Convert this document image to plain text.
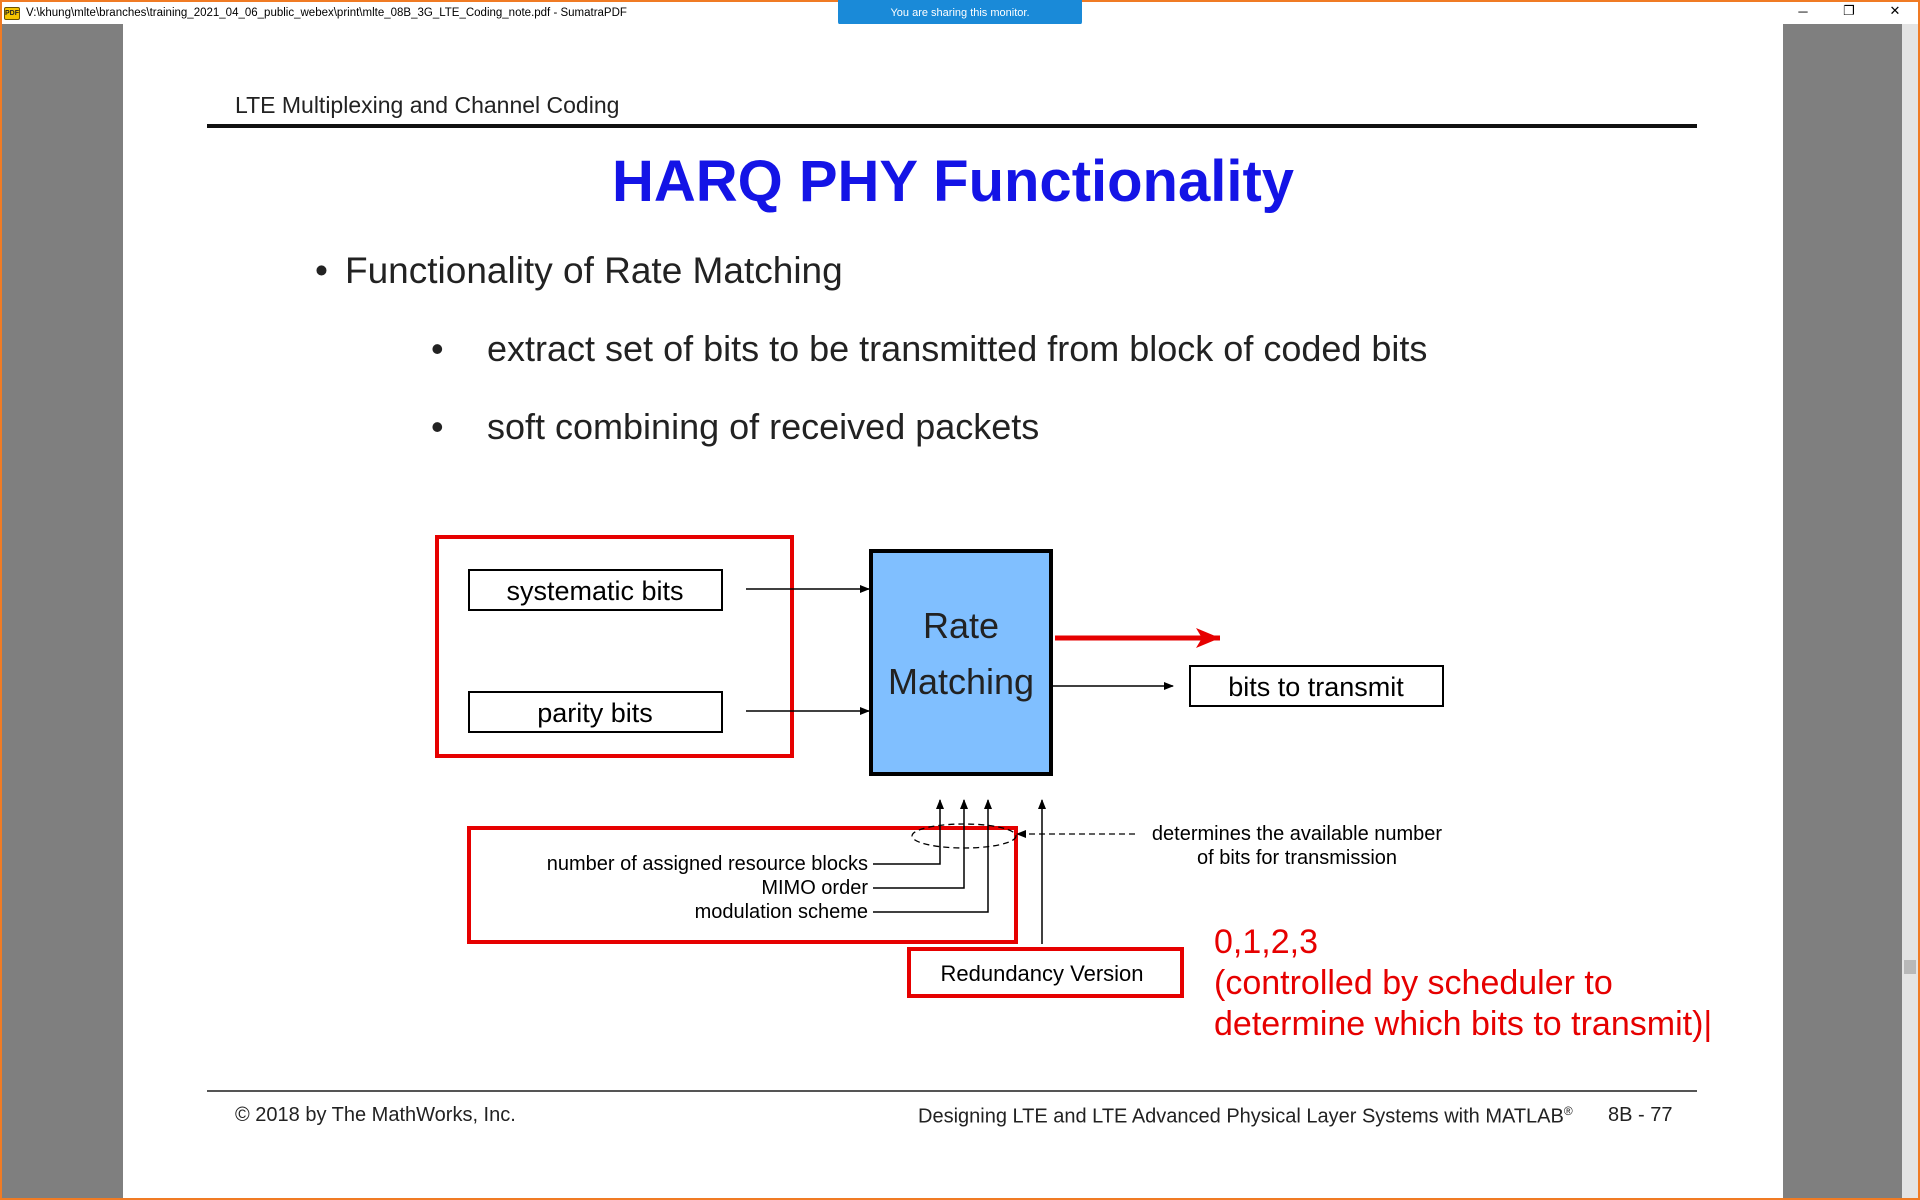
PDF V:\khung\mlte\branches\training_2021_04_06_public_webex\print\mlte_08B_3G_LTE_Coding_note.pdf - SumatraPDF	You are sharing this monitor.	─	❐	✕
LTE Multiplexing and Channel Coding
HARQ PHY Functionality
• Functionality of Rate Matching
• extract set of bits to be transmitted from block of coded bits
• soft combining of received packets
systematic bits
parity bits
Rate
Matching	bits to transmit
number of assigned resource blocks
MIMO order
modulation scheme
determines the available number
of bits for transmission
Redundancy Version
0,1,2,3
(controlled by scheduler to
determine which bits to transmit)|
© 2018 by The MathWorks, Inc.	Designing LTE and LTE Advanced Physical Layer Systems with MATLAB® 8B - 77
